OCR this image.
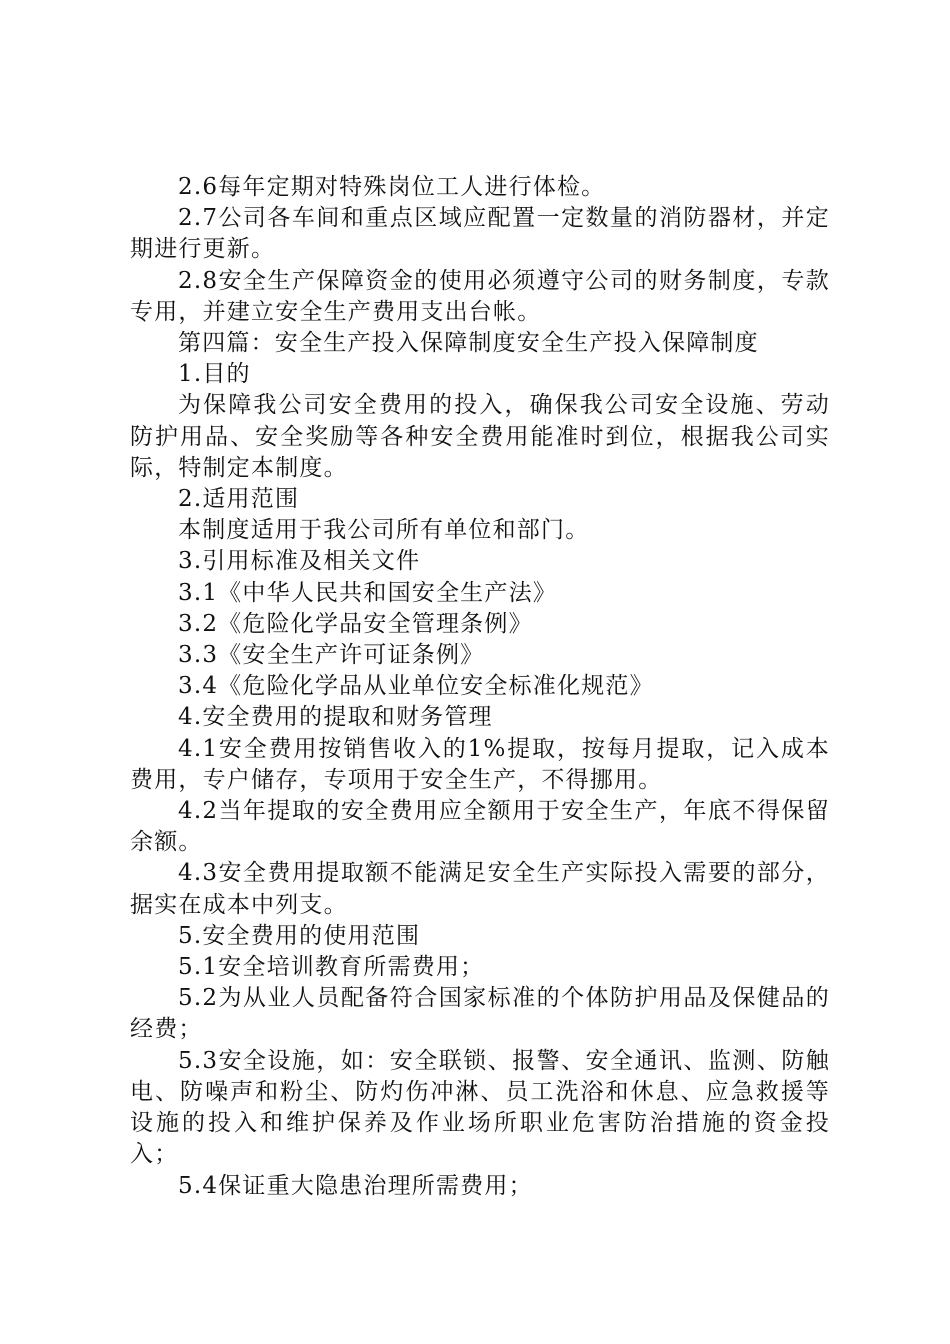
2.6每年定期对特殊岗位工人进行体检。

2.7公司各车间和重点区域应配置一定数量的消防器材，并定期进行更新。

2.8安全生产保障资金的使用必须遵守公司的财务制度，专款专用，并建立安全生产费用支出台帐。

第四篇：安全生产投入保障制度安全生产投入保障制度

1.目的

为保障我公司安全费用的投入，确保我公司安全设施、劳动防护用品、安全奖励等各种安全费用能准时到位，根据我公司实际，特制定本制度。

2.适用范围

本制度适用于我公司所有单位和部门。

3.引用标准及相关文件

3.1《中华人民共和国安全生产法》

3.2《危险化学品安全管理条例》

3.3《安全生产许可证条例》

3.4《危险化学品从业单位安全标准化规范》

4.安全费用的提取和财务管理

4.1安全费用按销售收入的1%提取，按每月提取，记入成本费用，专户储存，专项用于安全生产，不得挪用。

4.2当年提取的安全费用应全额用于安全生产，年底不得保留余额。

4.3安全费用提取额不能满足安全生产实际投入需要的部分，据实在成本中列支。

5.安全费用的使用范围

5.1安全培训教育所需费用；

5.2为从业人员配备符合国家标准的个体防护用品及保健品的经费；

5.3安全设施，如：安全联锁、报警、安全通讯、监测、防触电、防噪声和粉尘、防灼伤冲淋、员工洗浴和休息、应急救援等设施的投入和维护保养及作业场所职业危害防治措施的资金投入；

5.4保证重大隐患治理所需费用；
